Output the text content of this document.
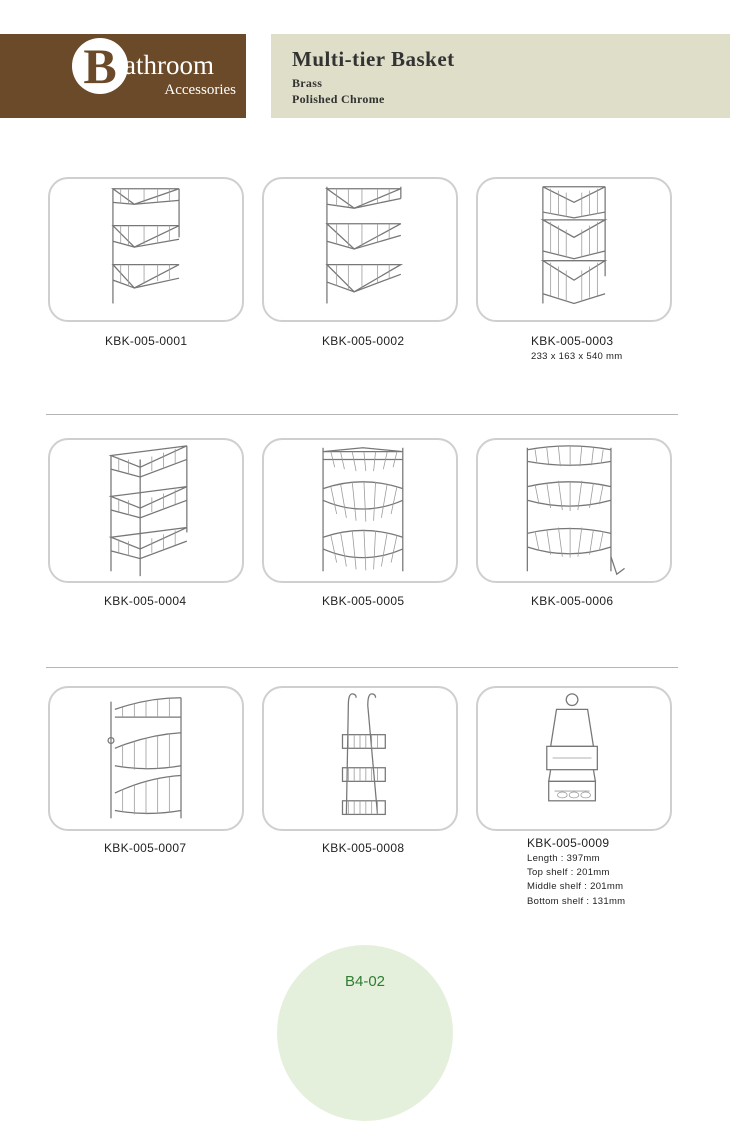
B athroom
Accessories
Multi-tier Basket
Brass
Polished Chrome
KBK-005-0001	KBK-005-0002	KBK-005-0003
233 x 163 x 540 mm
KBK-005-0004	KBK-005-0005	KBK-005-0006
KBK-005-0007	KBK-005-0008	KBK-005-0009
Length : 397mm
Top shelf : 201mm
Middle shelf : 201mm
Bottom shelf : 131mm
B4-02
